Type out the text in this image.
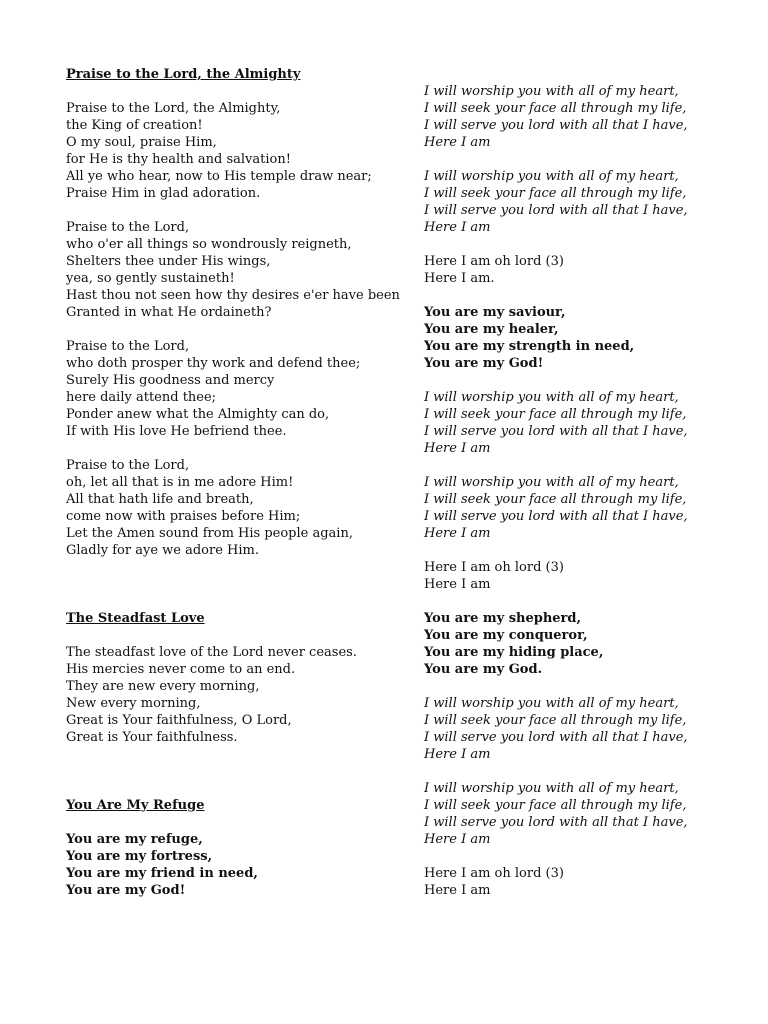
Praise to the Lord, the Almighty
Praise to the Lord, the Almighty,
the King of creation!
O my soul, praise Him,
for He is thy health and salvation!
All ye who hear, now to His temple draw near;
Praise Him in glad adoration.
Praise to the Lord,
who o'er all things so wondrously reigneth,
Shelters thee under His wings,
yea, so gently sustaineth!
Hast thou not seen how thy desires e'er have been
Granted in what He ordaineth?
Praise to the Lord,
who doth prosper thy work and defend thee;
Surely His goodness and mercy
here daily attend thee;
Ponder anew what the Almighty can do,
If with His love He befriend thee.
Praise to the Lord,
oh, let all that is in me adore Him!
All that hath life and breath,
come now with praises before Him;
Let the Amen sound from His people again,
Gladly for aye we adore Him.
The Steadfast Love
The steadfast love of the Lord never ceases.
His mercies never come to an end.
They are new every morning,
New every morning,
Great is Your faithfulness, O Lord,
Great is Your faithfulness.
You Are My Refuge
You are my refuge,
You are my fortress,
You are my friend in need,
You are my God!
I will worship you with all of my heart,
I will seek your face all through my life,
I will serve you lord with all that I have,
Here I am
I will worship you with all of my heart,
I will seek your face all through my life,
I will serve you lord with all that I have,
Here I am
Here I am oh lord (3)
Here I am.
You are my saviour,
You are my healer,
You are my strength in need,
You are my God!
I will worship you with all of my heart,
I will seek your face all through my life,
I will serve you lord with all that I have,
Here I am
I will worship you with all of my heart,
I will seek your face all through my life,
I will serve you lord with all that I have,
Here I am
Here I am oh lord (3)
Here I am
You are my shepherd,
You are my conqueror,
You are my hiding place,
You are my God.
I will worship you with all of my heart,
I will seek your face all through my life,
I will serve you lord with all that I have,
Here I am
I will worship you with all of my heart,
I will seek your face all through my life,
I will serve you lord with all that I have,
Here I am
Here I am oh lord (3)
Here I am
